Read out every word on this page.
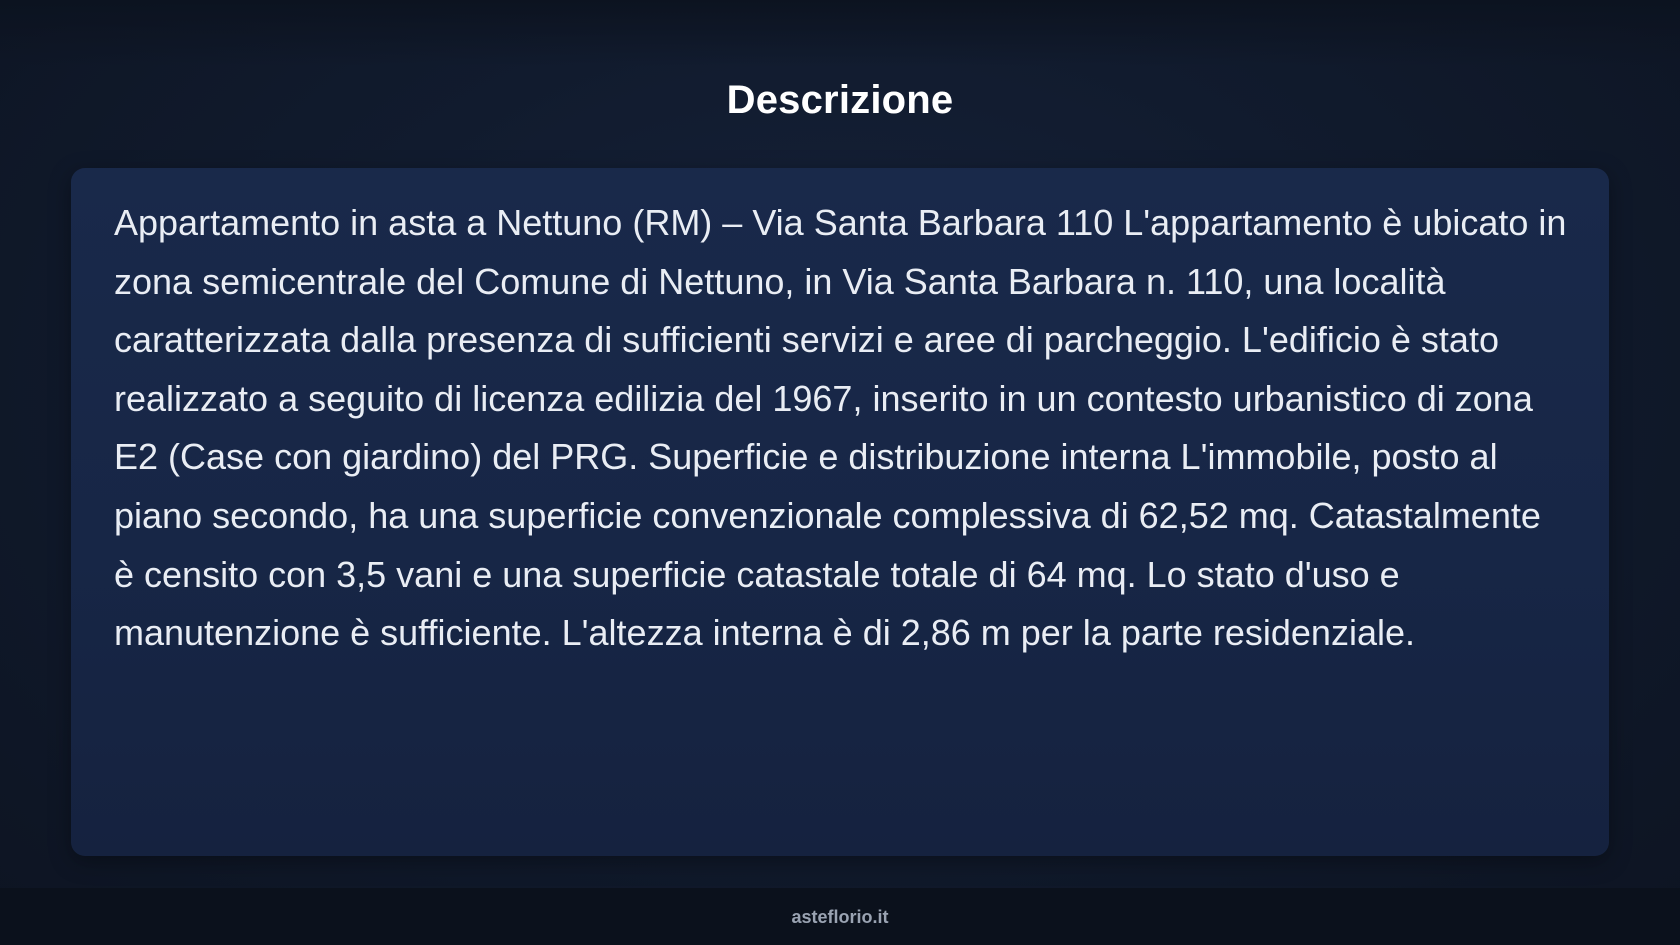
Descrizione

Appartamento in asta a Nettuno (RM) – Via Santa Barbara 110 L'appartamento è ubicato in zona semicentrale del Comune di Nettuno, in Via Santa Barbara n. 110, una località caratterizzata dalla presenza di sufficienti servizi e aree di parcheggio. L'edificio è stato realizzato a seguito di licenza edilizia del 1967, inserito in un contesto urbanistico di zona E2 (Case con giardino) del PRG. Superficie e distribuzione interna L'immobile, posto al piano secondo, ha una superficie convenzionale complessiva di 62,52 mq. Catastalmente è censito con 3,5 vani e una superficie catastale totale di 64 mq. Lo stato d'uso e manutenzione è sufficiente. L'altezza interna è di 2,86 m per la parte residenziale.

asteflorio.it
